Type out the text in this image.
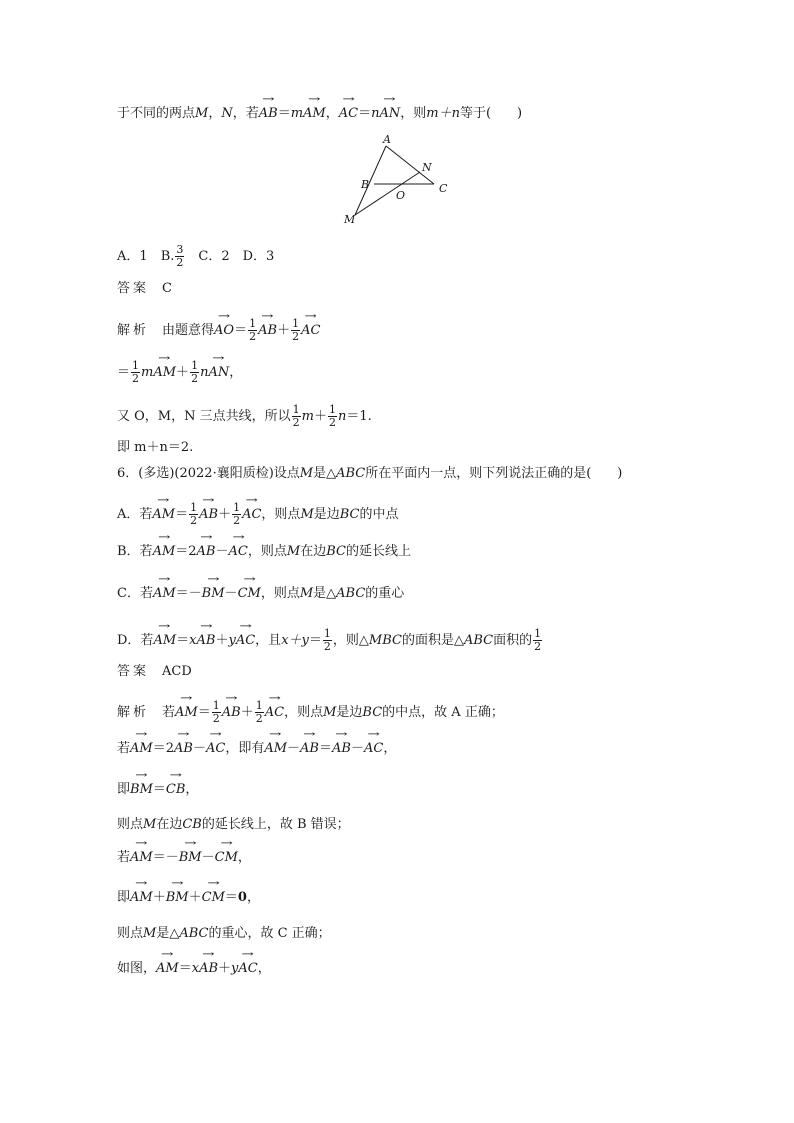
于不同的两点M，N，若→ AB＝m→ AM，→ AC＝n→ AN，则m＋n等于(　　)
A
B	C
N
O
M
A．1　 B. $\frac{3}{2}$
　 C．2　D．3
答案　 C
解析　 由题意得→ $AO= \frac{1}{2}$
→ $AB+ \frac{1}{2}$
→ AC
＝ $\frac{1}{2} m\to AM+ \frac{1}{2} n\to$ AN，
又 O，M，N 三点共线，所以 $\frac{1}{2} m+ \frac{1}{2} n=1$.
即 m＋n＝2.
6．(多选)(2022·襄阳质检)设点M是△ABC所在平面内一点，则下列说法正确的是(　　)
A．若→ $AM= \frac{1}{2}$
→ $AB+ \frac{1}{2}$
→ AC，则点M是边BC的中点
B．若→ AM＝2→ AB－→ AC，则点M在边BC的延长线上
C．若→ AM＝－→ BM－→ CM，则点M是△ABC的重心
D．若→ AM＝x→ AB＋y→ AC，且$x+y= \frac{1}{2}$ ，则△MBC的面积是△ABC面积的 $\frac{1}{2}$
答案　 ACD
解析　 若→ $AM= \frac{1}{2}$
→ $AB+ \frac{1}{2}$
→ AC，则点M是边BC的中点，故 A 正确；
若→ AM＝2→ AB－→ AC，即有→ AM－→ AB＝→ AB－→ AC，
即→ BM＝→ CB，
则点M在边CB的延长线上，故 B 错误；
若→ AM＝－→ BM－→ CM，
即→ AM＋→ BM＋→ CM＝0，
则点M是△ABC的重心，故 C 正确；
如图，→ AM＝x→ AB＋y→ AC，
